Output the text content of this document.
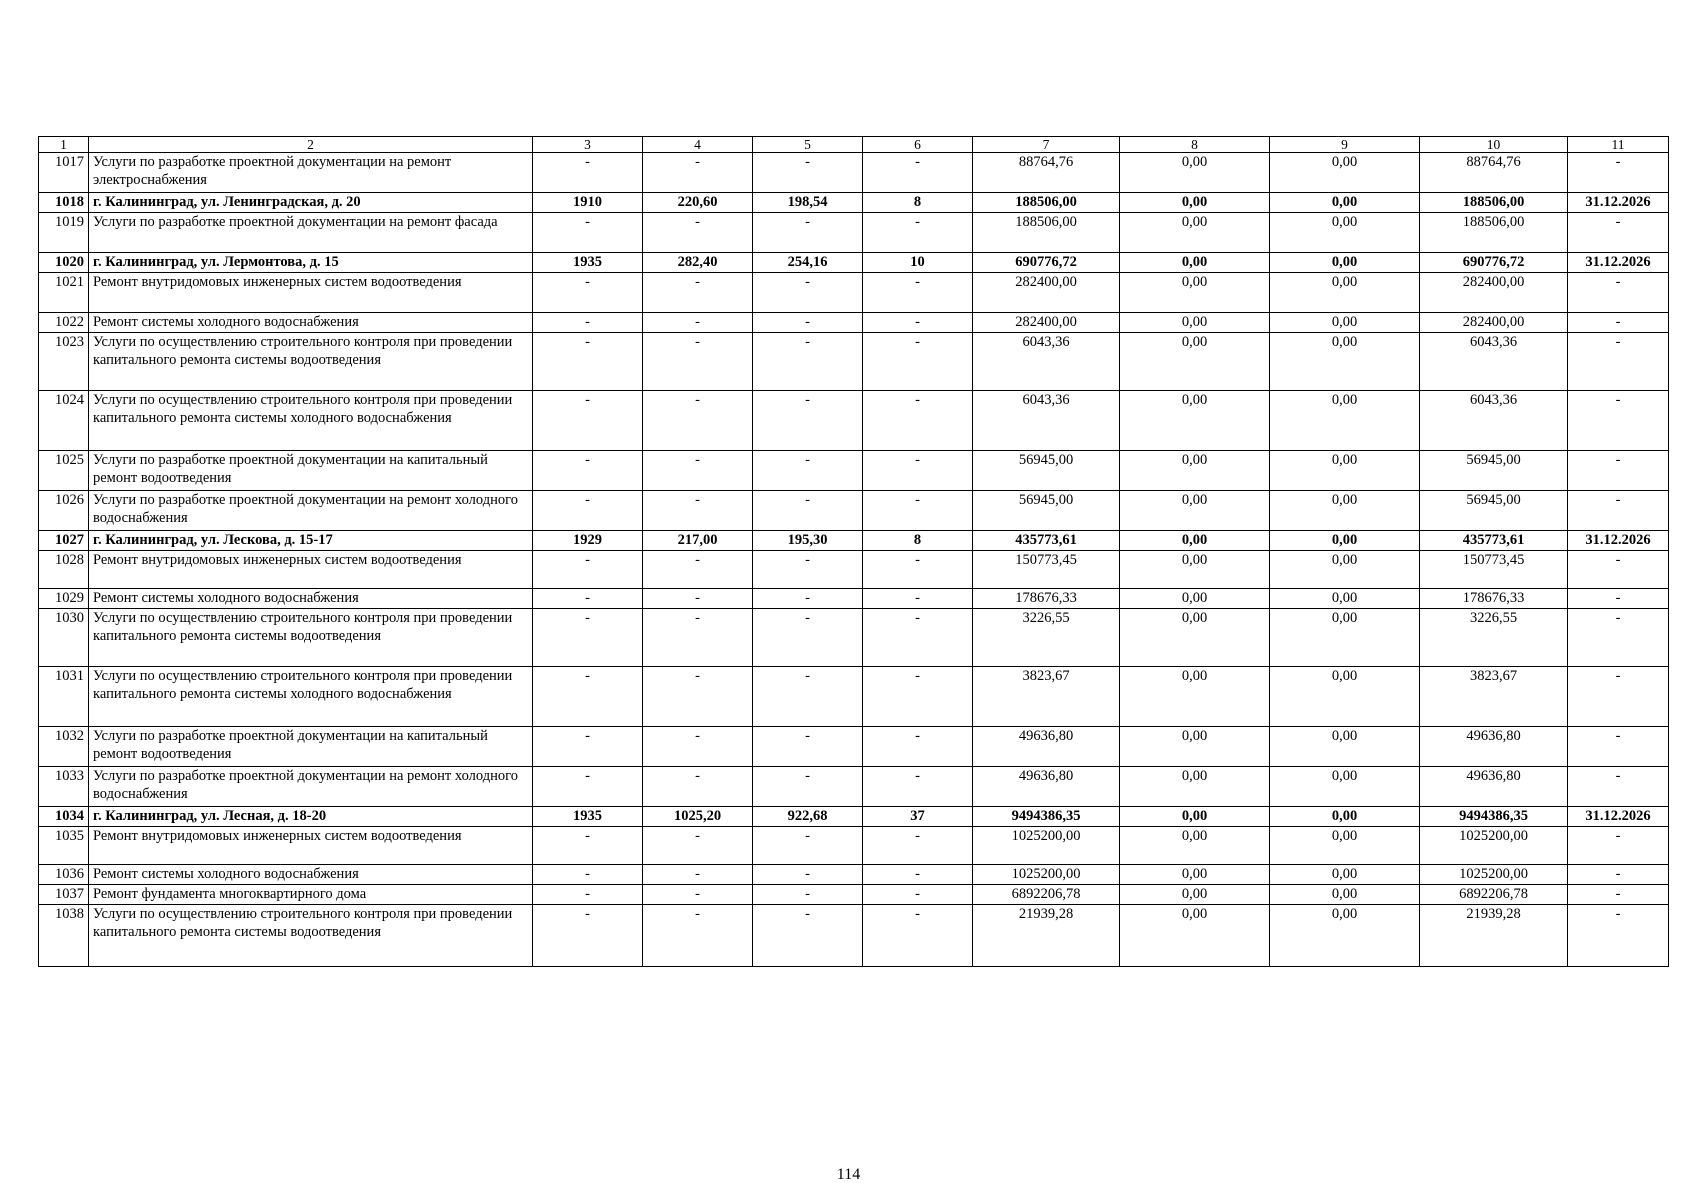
1	2	3	4	5	6	7	8	9	10	11
1017	Услуги по разработке проектной документации на ремонт электроснабжения	-	-	-	-	88764,76	0,00	0,00	88764,76	-
1018	г. Калининград, ул. Ленинградская, д. 20	1910	220,60	198,54	8	188506,00	0,00	0,00	188506,00	31.12.2026
1019	Услуги по разработке проектной документации на ремонт фасада	-	-	-	-	188506,00	0,00	0,00	188506,00	-
1020	г. Калининград, ул. Лермонтова, д. 15	1935	282,40	254,16	10	690776,72	0,00	0,00	690776,72	31.12.2026
1021	Ремонт внутридомовых инженерных систем водоотведения	-	-	-	-	282400,00	0,00	0,00	282400,00	-
1022	Ремонт системы холодного водоснабжения	-	-	-	-	282400,00	0,00	0,00	282400,00	-
1023	Услуги по осуществлению строительного контроля при проведении капитального ремонта системы водоотведения	-	-	-	-	6043,36	0,00	0,00	6043,36	-
1024	Услуги по осуществлению строительного контроля при проведении капитального ремонта системы холодного водоснабжения	-	-	-	-	6043,36	0,00	0,00	6043,36	-
1025	Услуги по разработке проектной документации на капитальный ремонт водоотведения	-	-	-	-	56945,00	0,00	0,00	56945,00	-
1026	Услуги по разработке проектной документации на ремонт холодного водоснабжения	-	-	-	-	56945,00	0,00	0,00	56945,00	-
1027	г. Калининград, ул. Лескова, д. 15-17	1929	217,00	195,30	8	435773,61	0,00	0,00	435773,61	31.12.2026
1028	Ремонт внутридомовых инженерных систем водоотведения	-	-	-	-	150773,45	0,00	0,00	150773,45	-
1029	Ремонт системы холодного водоснабжения	-	-	-	-	178676,33	0,00	0,00	178676,33	-
1030	Услуги по осуществлению строительного контроля при проведении капитального ремонта системы водоотведения	-	-	-	-	3226,55	0,00	0,00	3226,55	-
1031	Услуги по осуществлению строительного контроля при проведении капитального ремонта системы холодного водоснабжения	-	-	-	-	3823,67	0,00	0,00	3823,67	-
1032	Услуги по разработке проектной документации на капитальный ремонт водоотведения	-	-	-	-	49636,80	0,00	0,00	49636,80	-
1033	Услуги по разработке проектной документации на ремонт холодного водоснабжения	-	-	-	-	49636,80	0,00	0,00	49636,80	-
1034	г. Калининград, ул. Лесная, д. 18-20	1935	1025,20	922,68	37	9494386,35	0,00	0,00	9494386,35	31.12.2026
1035	Ремонт внутридомовых инженерных систем водоотведения	-	-	-	-	1025200,00	0,00	0,00	1025200,00	-
1036	Ремонт системы холодного водоснабжения	-	-	-	-	1025200,00	0,00	0,00	1025200,00	-
1037	Ремонт фундамента многоквартирного дома	-	-	-	-	6892206,78	0,00	0,00	6892206,78	-
1038	Услуги по осуществлению строительного контроля при проведении капитального ремонта системы водоотведения	-	-	-	-	21939,28	0,00	0,00	21939,28	-
114
